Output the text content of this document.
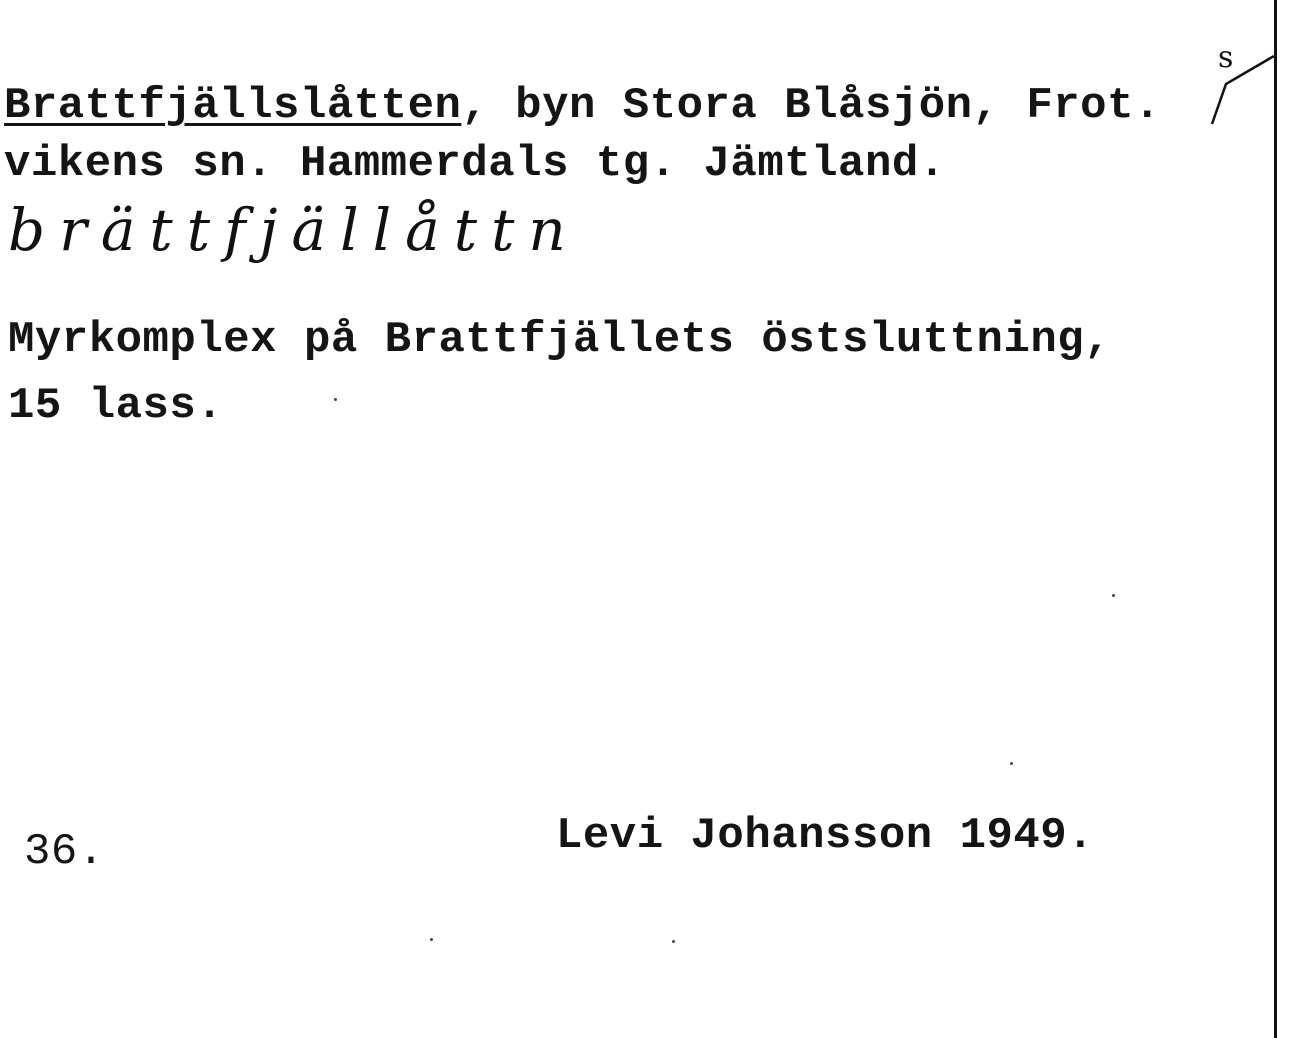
Brattfjällslåtten, byn Stora Blåsjön, Frot.
s
vikens sn. Hammerdals tg. Jämtland.
brättfjällåttn
Myrkomplex på Brattfjällets östsluttning,
15 lass.
36.	Levi Johansson 1949.
